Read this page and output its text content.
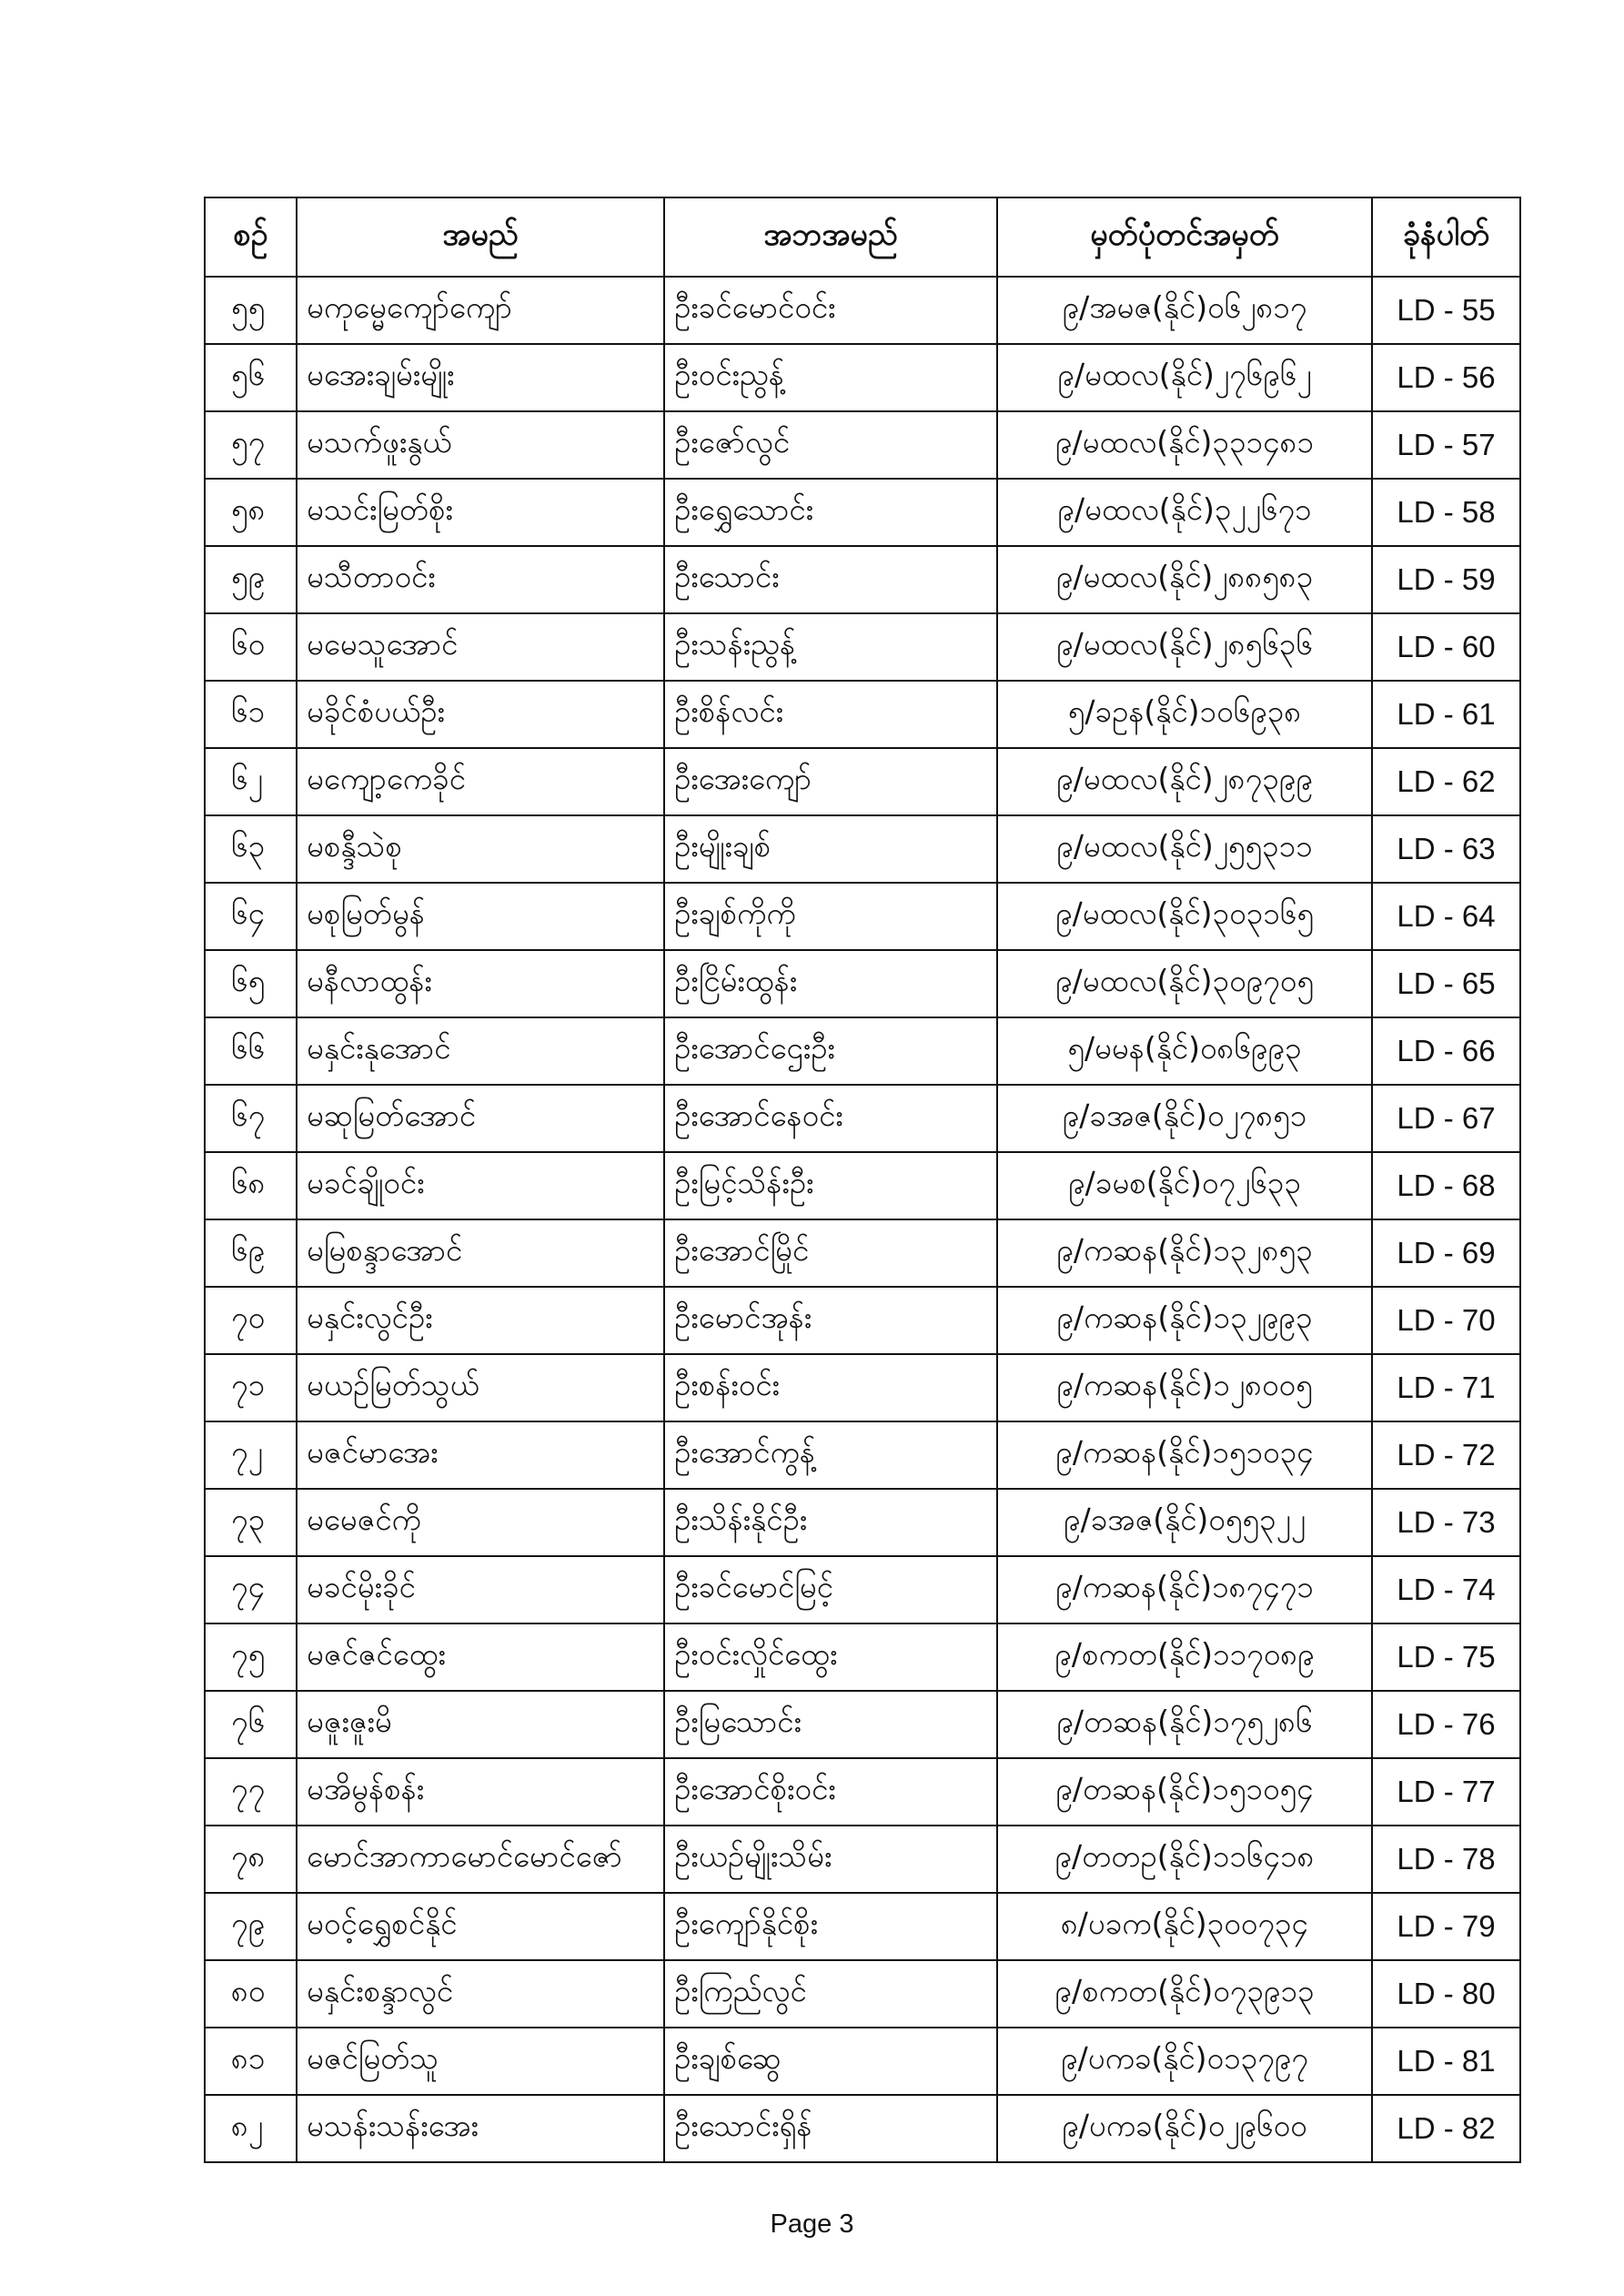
စဉ်	အမည်	အဘအမည်	မှတ်ပုံတင်အမှတ်	ခုံနံပါတ်
၅၅	မကုမ္မေကျော်ကျော်	ဦးခင်မောင်ဝင်း	၉/အမဇ(နိုင်)၀၆၂၈၁၇	LD - 55
၅၆	မအေးချမ်းမျိုး	ဦးဝင်းညွန့်	၉/မထလ(နိုင်)၂၇၆၉၆၂	LD - 56
၅၇	မသက်ဖူးနွယ်	ဦးဇော်လွင်	၉/မထလ(နိုင်)၃၃၁၄၈၁	LD - 57
၅၈	မသင်းမြတ်စိုး	ဦးရွှေသောင်း	၉/မထလ(နိုင်)၃၂၂၆၇၁	LD - 58
၅၉	မသီတာဝင်း	ဦးသောင်း	၉/မထလ(နိုင်)၂၈၈၅၈၃	LD - 59
၆၀	မမေသူအောင်	ဦးသန်းညွန့်	၉/မထလ(နိုင်)၂၈၅၆၃၆	LD - 60
၆၁	မခိုင်စံပယ်ဦး	ဦးစိန်လင်း	၅/ခဥန(နိုင်)၁၀၆၉၃၈	LD - 61
၆၂	မကျော့ကေခိုင်	ဦးအေးကျော်	၉/မထလ(နိုင်)၂၈၇၃၉၉	LD - 62
၆၃	မစန္ဒီသဲစု	ဦးမျိုးချစ်	၉/မထလ(နိုင်)၂၅၅၃၁၁	LD - 63
၆၄	မစုမြတ်မွန်	ဦးချစ်ကိုကို	၉/မထလ(နိုင်)၃၀၃၁၆၅	LD - 64
၆၅	မနီလာထွန်း	ဦးငြိမ်းထွန်း	၉/မထလ(နိုင်)၃၀၉၇၀၅	LD - 65
၆၆	မနှင်းနုအောင်	ဦးအောင်ဌေးဦး	၅/မမန(နိုင်)၀၈၆၉၉၃	LD - 66
၆၇	မဆုမြတ်အောင်	ဦးအောင်နေဝင်း	၉/ခအဇ(နိုင်)၀၂၇၈၅၁	LD - 67
၆၈	မခင်ချိုဝင်း	ဦးမြင့်သိန်းဦး	၉/ခမစ(နိုင်)၀၇၂၆၃၃	LD - 68
၆၉	မမြစန္ဒာအောင်	ဦးအောင်မြိုင်	၉/ကဆန(နိုင်)၁၃၂၈၅၃	LD - 69
၇၀	မနှင်းလွင်ဦး	ဦးမောင်အုန်း	၉/ကဆန(နိုင်)၁၃၂၉၉၃	LD - 70
၇၁	မယဉ်မြတ်သွယ်	ဦးစန်းဝင်း	၉/ကဆန(နိုင်)၁၂၈၀၀၅	LD - 71
၇၂	မဇင်မာအေး	ဦးအောင်ကွန့်	၉/ကဆန(နိုင်)၁၅၁၀၃၄	LD - 72
၇၃	မမေဇင်ကို	ဦးသိန်းနိုင်ဦး	၉/ခအဇ(နိုင်)၀၅၅၃၂၂	LD - 73
၇၄	မခင်မိုးခိုင်	ဦးခင်မောင်မြင့်	၉/ကဆန(နိုင်)၁၈၇၄၇၁	LD - 74
၇၅	မဇင်ဇင်ထွေး	ဦးဝင်းလှိုင်ထွေး	၉/စကတ(နိုင်)၁၁၇၀၈၉	LD - 75
၇၆	မဇူးဇူးမိ	ဦးမြသောင်း	၉/တဆန(နိုင်)၁၇၅၂၈၆	LD - 76
၇၇	မအိမွန်စန်း	ဦးအောင်စိုးဝင်း	၉/တဆန(နိုင်)၁၅၁၀၅၄	LD - 77
၇၈	မောင်အာကာမောင်မောင်ဇော်	ဦးယဉ်မျိုးသိမ်း	၉/တတဥ(နိုင်)၁၁၆၄၁၈	LD - 78
၇၉	မဝင့်ရွှေစင်နိုင်	ဦးကျော်နိုင်စိုး	၈/ပခက(နိုင်)၃၀၀၇၃၄	LD - 79
၈၀	မနှင်းစန္ဒာလွင်	ဦးကြည်လွင်	၉/စကတ(နိုင်)၀၇၃၉၁၃	LD - 80
၈၁	မဇင်မြတ်သူ	ဦးချစ်ဆွေ	၉/ပကခ(နိုင်)၀၁၃၇၉၇	LD - 81
၈၂	မသန်းသန်းအေး	ဦးသောင်းရှိန်	၉/ပကခ(နိုင်)၀၂၉၆၀၀	LD - 82
Page 3
